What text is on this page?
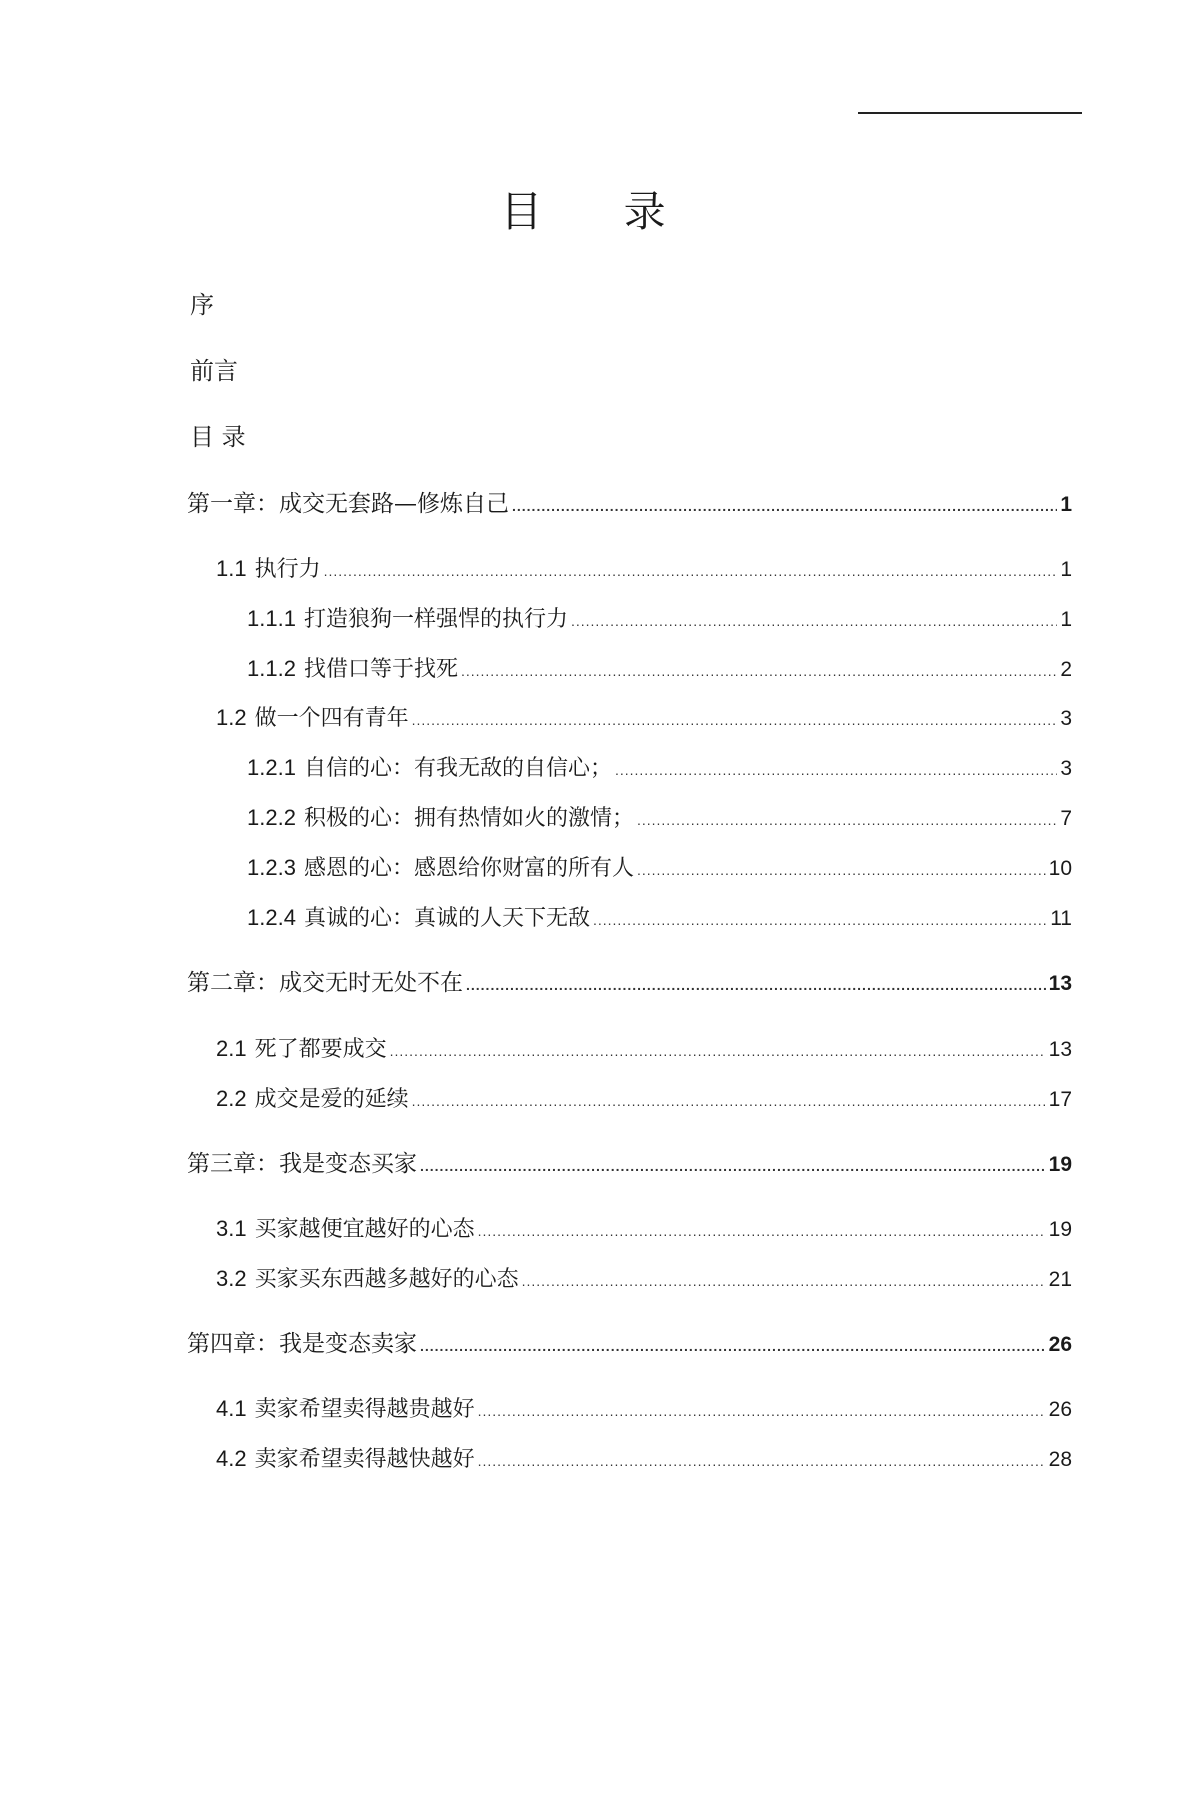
目 录
序
前言
目 录
第一章：成交无套路—修炼自己 .....	1
1.1 执行力 .....	1
1.1.1 打造狼狗一样强悍的执行力 .....	1
1.1.2 找借口等于找死 .....	2
1.2 做一个四有青年 .....	3
1.2.1 自信的心：有我无敌的自信心； .....	3
1.2.2 积极的心：拥有热情如火的激情； .....	7
1.2.3 感恩的心：感恩给你财富的所有人 .....	10
1.2.4 真诚的心：真诚的人天下无敌 .....	11
第二章：成交无时无处不在 .....	13
2.1 死了都要成交 .....	13
2.2 成交是爱的延续 .....	17
第三章：我是变态买家 .....	19
3.1 买家越便宜越好的心态 .....	19
3.2 买家买东西越多越好的心态 .....	21
第四章：我是变态卖家 .....	26
4.1 卖家希望卖得越贵越好 .....	26
4.2 卖家希望卖得越快越好 .....	28
